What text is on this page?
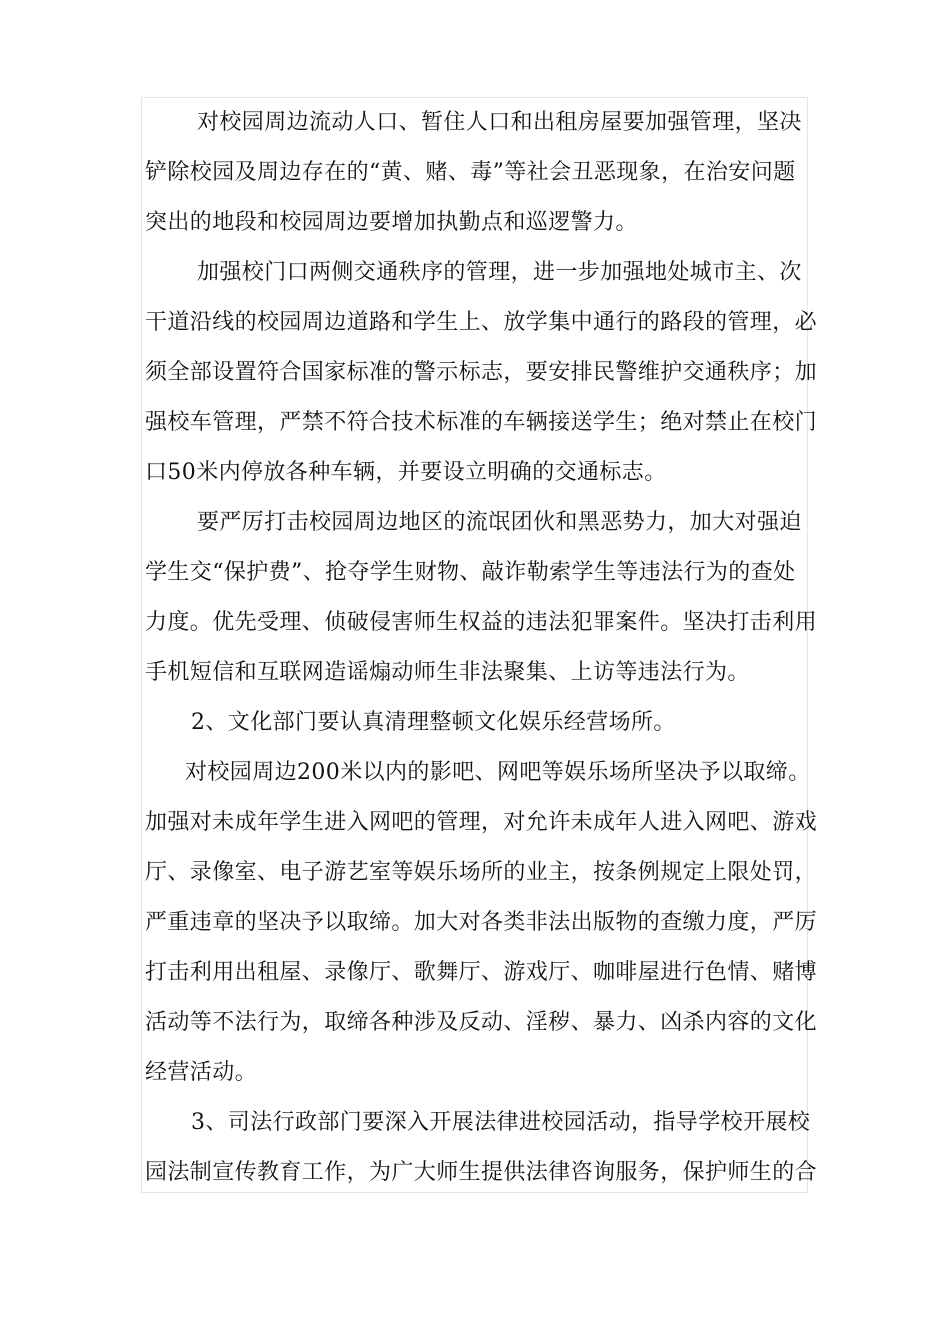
对校园周边流动人口、暂住人口和出租房屋要加强管理，坚决
铲除校园及周边存在的“黄、赌、毒”等社会丑恶现象，在治安问题
突出的地段和校园周边要增加执勤点和巡逻警力。

加强校门口两侧交通秩序的管理，进一步加强地处城市主、次
干道沿线的校园周边道路和学生上、放学集中通行的路段的管理，必
须全部设置符合国家标准的警示标志，要安排民警维护交通秩序；加
强校车管理，严禁不符合技术标准的车辆接送学生；绝对禁止在校门
口50米内停放各种车辆，并要设立明确的交通标志。

要严厉打击校园周边地区的流氓团伙和黑恶势力，加大对强迫
学生交“保护费”、抢夺学生财物、敲诈勒索学生等违法行为的查处
力度。优先受理、侦破侵害师生权益的违法犯罪案件。坚决打击利用
手机短信和互联网造谣煽动师生非法聚集、上访等违法行为。

2、文化部门要认真清理整顿文化娱乐经营场所。

对校园周边200米以内的影吧、网吧等娱乐场所坚决予以取缔。
加强对未成年学生进入网吧的管理，对允许未成年人进入网吧、游戏
厅、录像室、电子游艺室等娱乐场所的业主，按条例规定上限处罚，
严重违章的坚决予以取缔。加大对各类非法出版物的查缴力度，严厉
打击利用出租屋、录像厅、歌舞厅、游戏厅、咖啡屋进行色情、赌博
活动等不法行为，取缔各种涉及反动、淫秽、暴力、凶杀内容的文化
经营活动。

3、司法行政部门要深入开展法律进校园活动，指导学校开展校
园法制宣传教育工作，为广大师生提供法律咨询服务，保护师生的合
